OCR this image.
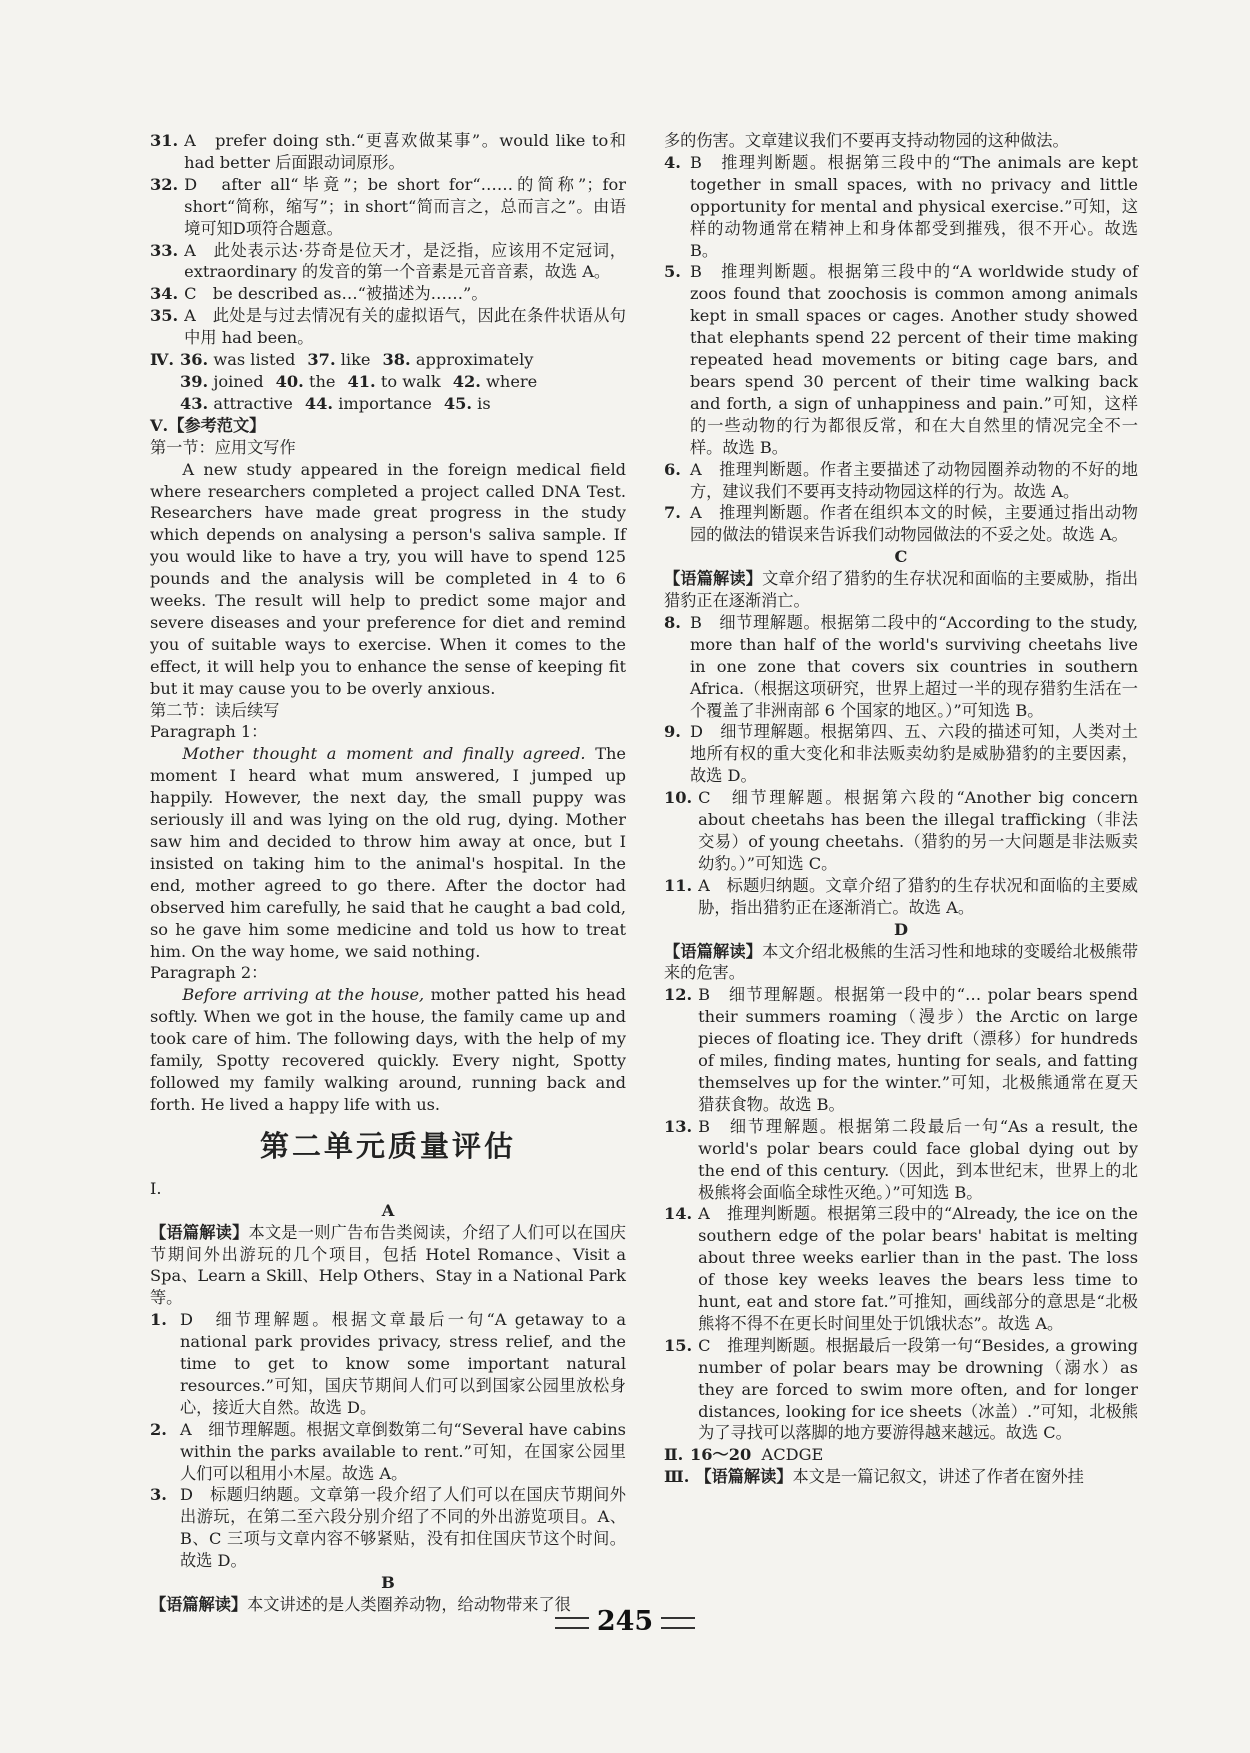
31. A　prefer doing sth.“更喜欢做某事”。would like to和 had better 后面跟动词原形。
32. D　after all“毕竟”；be short for“……的简称”；for short“简称，缩写”；in short“简而言之，总而言之”。由语境可知D项符合题意。
33. A　此处表示达·芬奇是位天才，是泛指，应该用不定冠词，extraordinary 的发音的第一个音素是元音音素，故选 A。
34. C　be described as…“被描述为……”。
35. A　此处是与过去情况有关的虚拟语气，因此在条件状语从句中用 had been。
Ⅳ. 36. was listed 37. like 38. approximately
39. joined 40. the 41. to walk 42. where
43. attractive 44. importance 45. is
Ⅴ.【参考范文】
第一节：应用文写作
A new study appeared in the foreign medical field where researchers completed a project called DNA Test. Researchers have made great progress in the study which depends on analysing a person's saliva sample. If you would like to have a try, you will have to spend 125 pounds and the analysis will be completed in 4 to 6 weeks. The result will help to predict some major and severe diseases and your preference for diet and remind you of suitable ways to exercise. When it comes to the effect, it will help you to enhance the sense of keeping fit but it may cause you to be overly anxious.
第二节：读后续写
Paragraph 1：
Mother thought a moment and finally agreed. The moment I heard what mum answered, I jumped up happily. However, the next day, the small puppy was seriously ill and was lying on the old rug, dying. Mother saw him and decided to throw him away at once, but I insisted on taking him to the animal's hospital. In the end, mother agreed to go there. After the doctor had observed him carefully, he said that he caught a bad cold, so he gave him some medicine and told us how to treat him. On the way home, we said nothing.
Paragraph 2：
Before arriving at the house, mother patted his head softly. When we got in the house, the family came up and took care of him. The following days, with the help of my family, Spotty recovered quickly. Every night, Spotty followed my family walking around, running back and forth. He lived a happy life with us.
第二单元质量评估
Ⅰ.
A
【语篇解读】本文是一则广告布告类阅读，介绍了人们可以在国庆节期间外出游玩的几个项目，包括 Hotel Romance、Visit a Spa、Learn a Skill、Help Others、Stay in a National Park 等。
1. D　细节理解题。根据文章最后一句“A getaway to a national park provides privacy, stress relief, and the time to get to know some important natural resources.”可知，国庆节期间人们可以到国家公园里放松身心，接近大自然。故选 D。
2. A　细节理解题。根据文章倒数第二句“Several have cabins within the parks available to rent.”可知，在国家公园里人们可以租用小木屋。故选 A。
3. D　标题归纳题。文章第一段介绍了人们可以在国庆节期间外出游玩，在第二至六段分别介绍了不同的外出游览项目。A、B、C 三项与文章内容不够紧贴，没有扣住国庆节这个时间。故选 D。
B
【语篇解读】本文讲述的是人类圈养动物，给动物带来了很
多的伤害。文章建议我们不要再支持动物园的这种做法。
4. B　推理判断题。根据第三段中的“The animals are kept together in small spaces, with no privacy and little opportunity for mental and physical exercise.”可知，这样的动物通常在精神上和身体都受到摧残，很不开心。故选 B。
5. B　推理判断题。根据第三段中的“A worldwide study of zoos found that zoochosis is common among animals kept in small spaces or cages. Another study showed that elephants spend 22 percent of their time making repeated head movements or biting cage bars, and bears spend 30 percent of their time walking back and forth, a sign of unhappiness and pain.”可知，这样的一些动物的行为都很反常，和在大自然里的情况完全不一样。故选 B。
6. A　推理判断题。作者主要描述了动物园圈养动物的不好的地方，建议我们不要再支持动物园这样的行为。故选 A。
7. A　推理判断题。作者在组织本文的时候，主要通过指出动物园的做法的错误来告诉我们动物园做法的不妥之处。故选 A。
C
【语篇解读】文章介绍了猎豹的生存状况和面临的主要威胁，指出猎豹正在逐渐消亡。
8. B　细节理解题。根据第二段中的“According to the study, more than half of the world's surviving cheetahs live in one zone that covers six countries in southern Africa.（根据这项研究，世界上超过一半的现存猎豹生活在一个覆盖了非洲南部 6 个国家的地区。）”可知选 B。
9. D　细节理解题。根据第四、五、六段的描述可知，人类对土地所有权的重大变化和非法贩卖幼豹是威胁猎豹的主要因素，故选 D。
10. C　细节理解题。根据第六段的“Another big concern about cheetahs has been the illegal trafficking（非法交易）of young cheetahs.（猎豹的另一大问题是非法贩卖幼豹。）”可知选 C。
11. A　标题归纳题。文章介绍了猎豹的生存状况和面临的主要威胁，指出猎豹正在逐渐消亡。故选 A。
D
【语篇解读】本文介绍北极熊的生活习性和地球的变暖给北极熊带来的危害。
12. B　细节理解题。根据第一段中的“… polar bears spend their summers roaming（漫步）the Arctic on large pieces of floating ice. They drift（漂移）for hundreds of miles, finding mates, hunting for seals, and fatting themselves up for the winter.”可知，北极熊通常在夏天猎获食物。故选 B。
13. B　细节理解题。根据第二段最后一句“As a result, the world's polar bears could face global dying out by the end of this century.（因此，到本世纪末，世界上的北极熊将会面临全球性灭绝。）”可知选 B。
14. A　推理判断题。根据第三段中的“Already, the ice on the southern edge of the polar bears' habitat is melting about three weeks earlier than in the past. The loss of those key weeks leaves the bears less time to hunt, eat and store fat.”可推知，画线部分的意思是“北极熊将不得不在更长时间里处于饥饿状态”。故选 A。
15. C　推理判断题。根据最后一段第一句“Besides, a growing number of polar bears may be drowning（溺水）as they are forced to swim more often, and for longer distances, looking for ice sheets（冰盖）.”可知，北极熊为了寻找可以落脚的地方要游得越来越远。故选 C。
Ⅱ. 16～20 ACDGE
Ⅲ. 【语篇解读】本文是一篇记叙文，讲述了作者在窗外挂
245
